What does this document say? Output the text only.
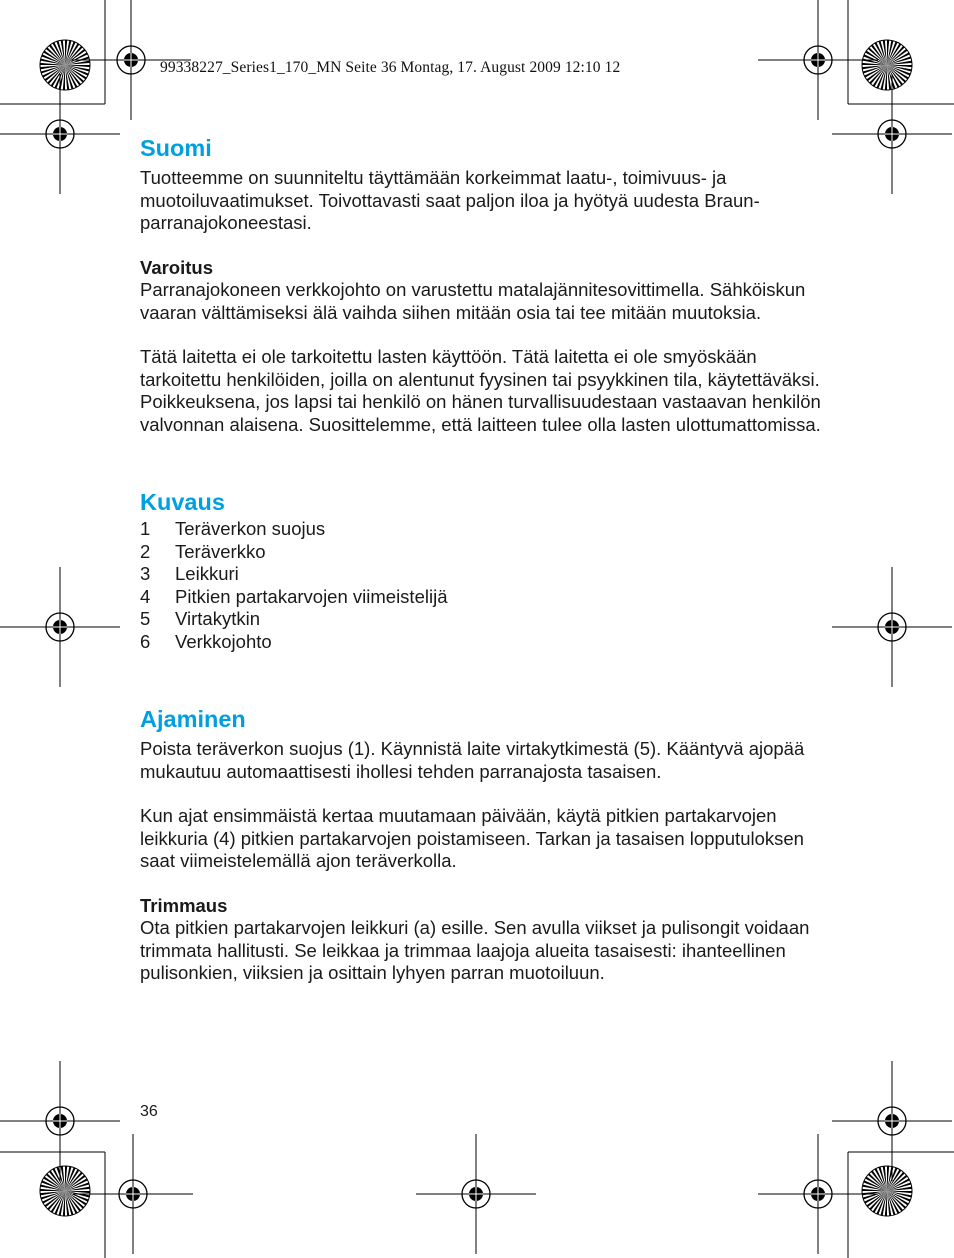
99338227_Series1_170_MN Seite 36 Montag, 17. August 2009 12:10 12
Suomi

Tuotteemme on suunniteltu täyttämään korkeimmat laatu-, toimivuus- ja muotoiluvaatimukset. Toivottavasti saat paljon iloa ja hyötyä uudesta Braun-parranajokoneestasi.

Varoitus

Parranajokoneen verkkojohto on varustettu matalajännitesovittimella. Sähköiskun vaaran välttämiseksi älä vaihda siihen mitään osia tai tee mitään muutoksia.

Tätä laitetta ei ole tarkoitettu lasten käyttöön. Tätä laitetta ei ole smyöskään tarkoitettu henkilöiden, joilla on alentunut fyysinen tai psyykkinen tila, käytettäväksi. Poikkeuksena, jos lapsi tai henkilö on hänen turvallisuudestaan vastaavan henkilön valvonnan alaisena. Suosittelemme, että laitteen tulee olla lasten ulottumattomissa.

Kuvaus
1	Teräverkon suojus
2	Teräverkko
3	Leikkuri
4	Pitkien partakarvojen viimeistelijä
5	Virtakytkin
6	Verkkojohto
Ajaminen

Poista teräverkon suojus (1). Käynnistä laite virtakytkimestä (5). Kääntyvä ajopää mukautuu automaattisesti ihollesi tehden parranajosta tasaisen.

Kun ajat ensimmäistä kertaa muutamaan päivään, käytä pitkien partakarvojen leikkuria (4) pitkien partakarvojen poistamiseen. Tarkan ja tasaisen lopputuloksen saat viimeistelemällä ajon teräverkolla.

Trimmaus

Ota pitkien partakarvojen leikkuri (a) esille. Sen avulla viikset ja pulisongit voidaan trimmata hallitusti. Se leikkaa ja trimmaa laajoja alueita tasaisesti: ihanteellinen pulisonkien, viiksien ja osittain lyhyen parran muotoiluun.

36
